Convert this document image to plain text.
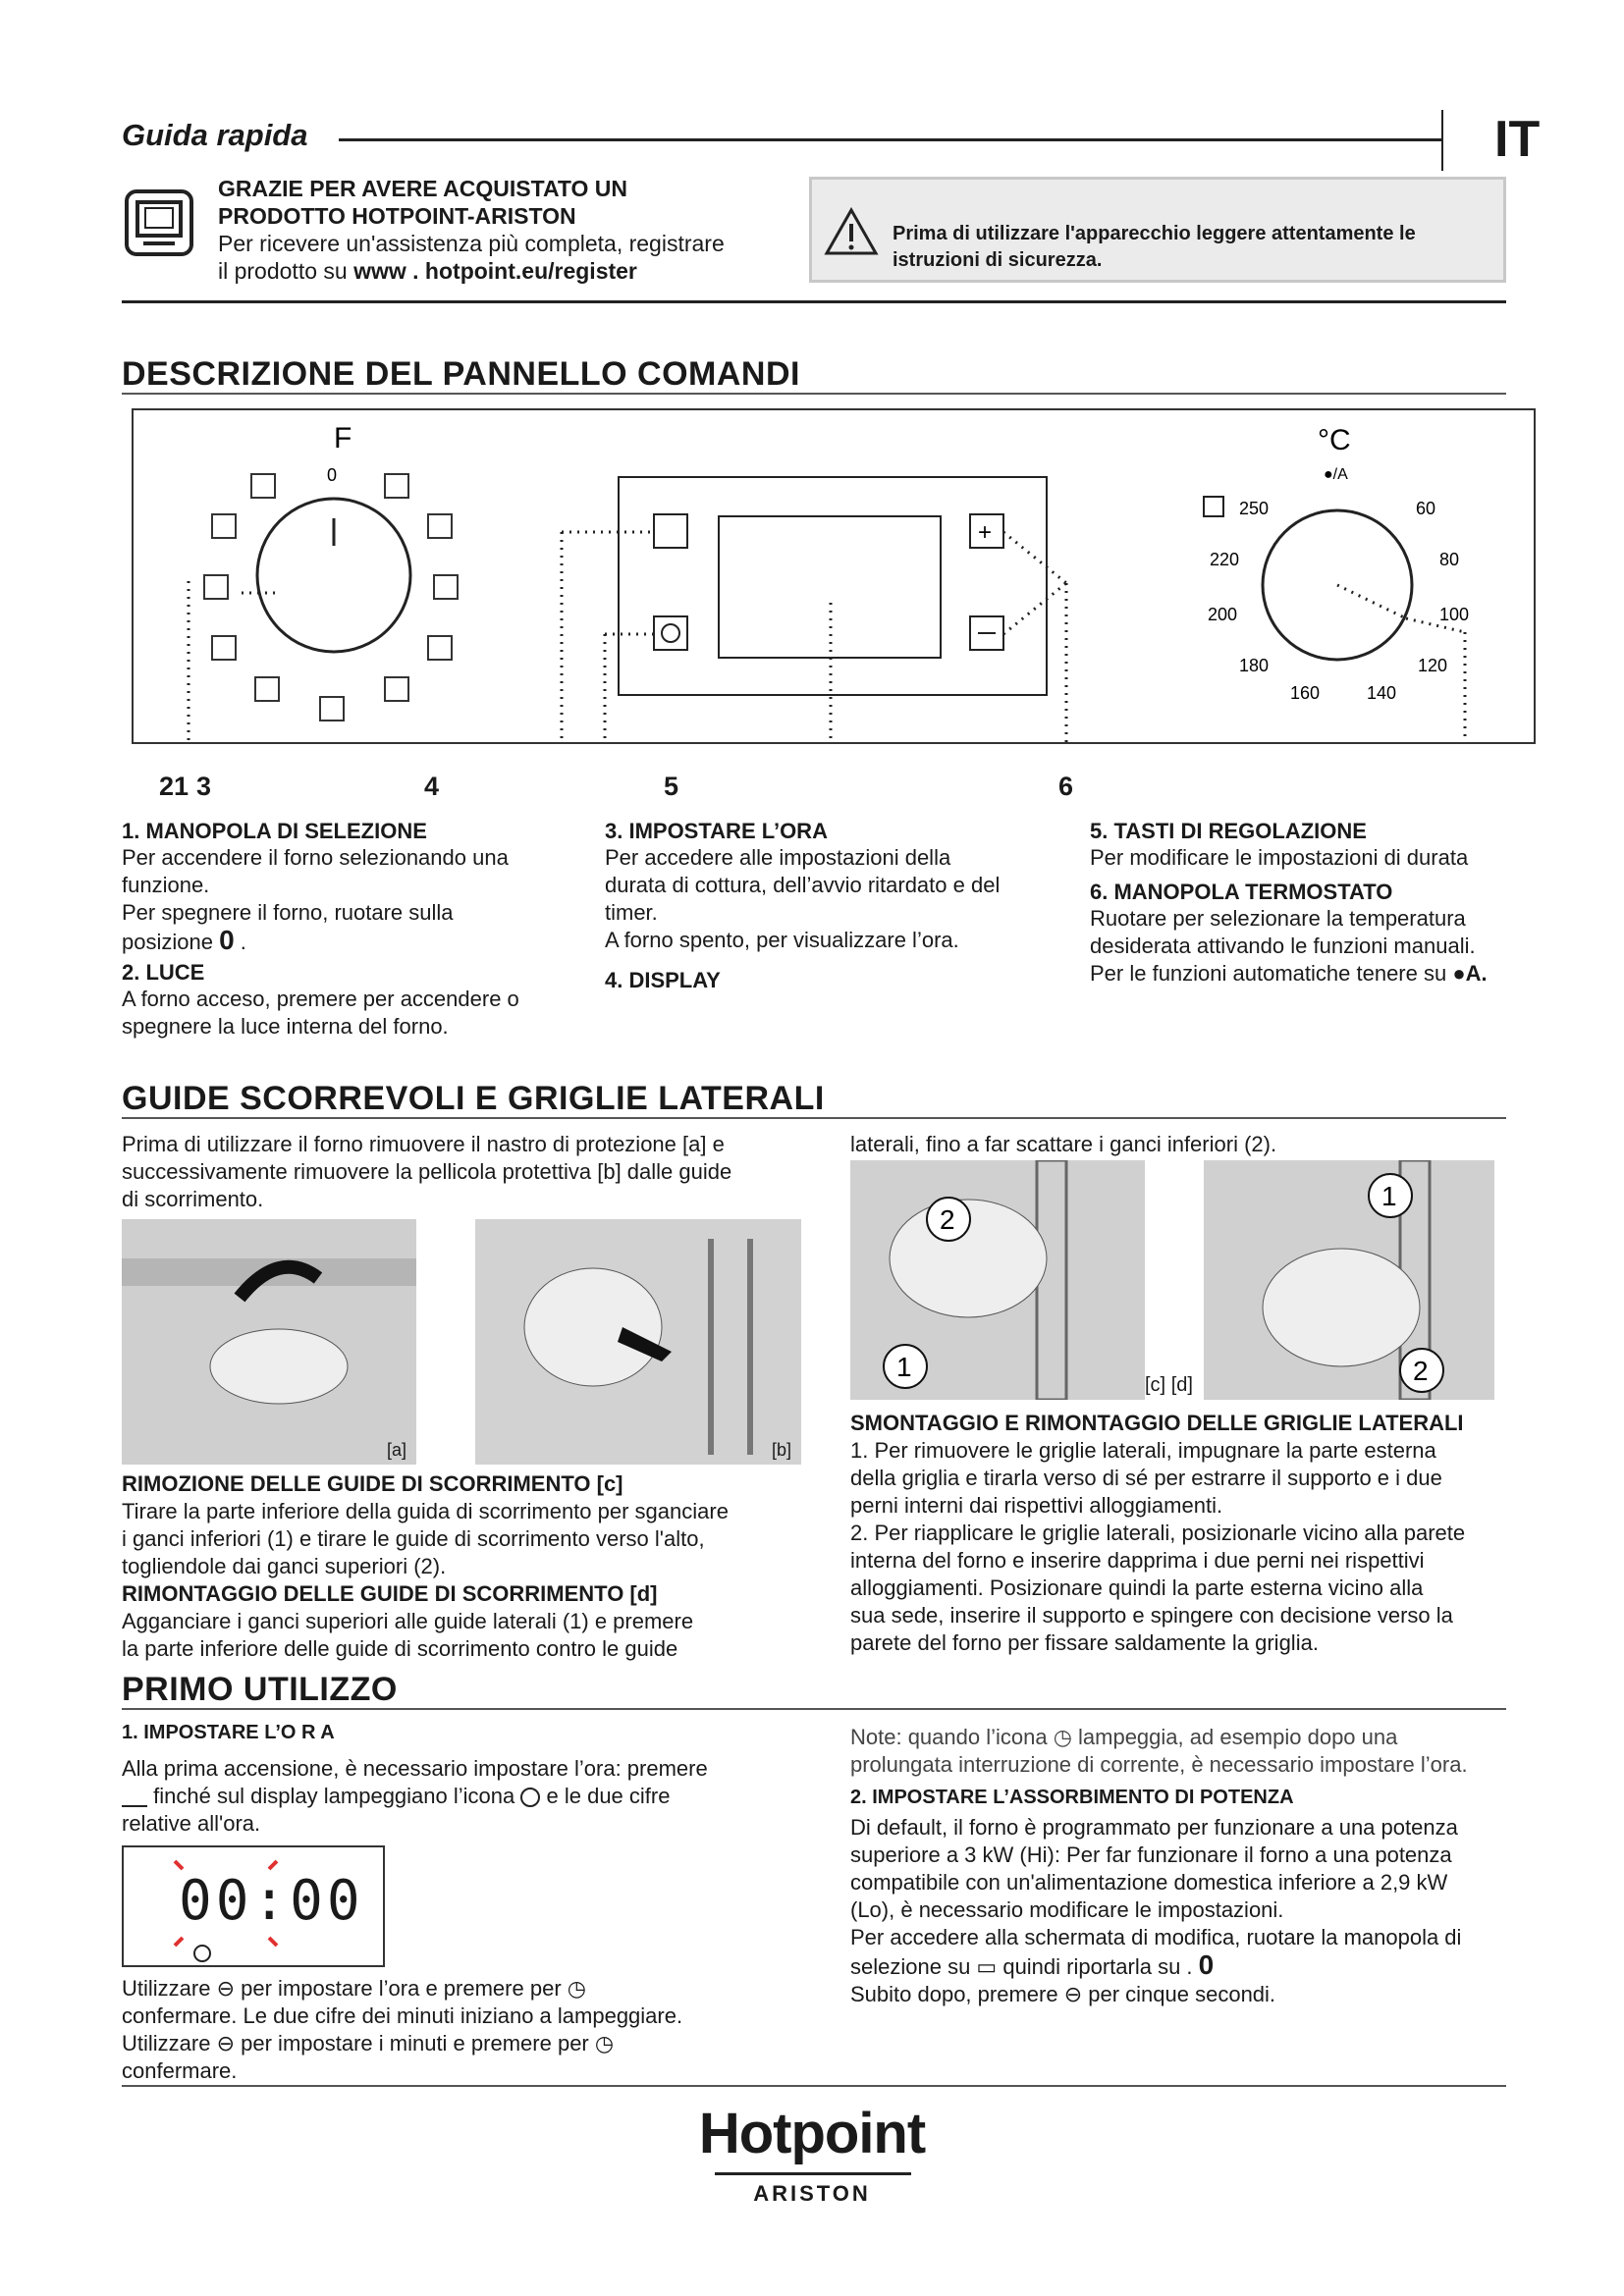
Guida rapida	IT
GRAZIE PER AVERE ACQUISTATO UN
PRODOTTO HOTPOINT-ARISTON
Per ricevere un'assistenza più completa, registrare
il prodotto su www . hotpoint.eu/register
Prima di utilizzare l'apparecchio leggere attentamente le
istruzioni di sicurezza.
DESCRIZIONE DEL PANNELLO COMANDI
F
0
+
°C
●/A
250
220
200
180
160	140
120
100
80
60
21 3	4	5	6
1. MANOPOLA DI SELEZIONE
Per accendere il forno selezionando una
funzione.
Per spegnere il forno, ruotare sulla
posizione 0 .
2. LUCE
A forno acceso, premere per accendere o
spegnere la luce interna del forno.
3. IMPOSTARE L’ORA
Per accedere alle impostazioni della
durata di cottura, dell’avvio ritardato e del
timer.
A forno spento, per visualizzare l’ora.
4. DISPLAY
5. TASTI DI REGOLAZIONE
Per modificare le impostazioni di durata
6. MANOPOLA TERMOSTATO
Ruotare per selezionare la temperatura
desiderata attivando le funzioni manuali.
Per le funzioni automatiche tenere su ●A.
GUIDE SCORREVOLI E GRIGLIE LATERALI
Prima di utilizzare il forno rimuovere il nastro di protezione [a] e
successivamente rimuovere la pellicola protettiva [b] dalle guide
di scorrimento.
laterali, fino a far scattare i ganci inferiori (2).
[a]	[b]
2
1
1
2
[c] [d]
RIMOZIONE DELLE GUIDE DI SCORRIMENTO [c]
Tirare la parte inferiore della guida di scorrimento per sganciare
i ganci inferiori (1) e tirare le guide di scorrimento verso l'alto,
togliendole dai ganci superiori (2).
RIMONTAGGIO DELLE GUIDE DI SCORRIMENTO [d]
Agganciare i ganci superiori alle guide laterali (1) e premere
la parte inferiore delle guide di scorrimento contro le guide
SMONTAGGIO E RIMONTAGGIO DELLE GRIGLIE LATERALI
1. Per rimuovere le griglie laterali, impugnare la parte esterna
della griglia e tirarla verso di sé per estrarre il supporto e i due
perni interni dai rispettivi alloggiamenti.
2. Per riapplicare le griglie laterali, posizionarle vicino alla parete
interna del forno e inserire dapprima i due perni nei rispettivi
alloggiamenti. Posizionare quindi la parte esterna vicino alla
sua sede, inserire il supporto e spingere con decisione verso la
parete del forno per fissare saldamente la griglia.
PRIMO UTILIZZO
1. IMPOSTARE L’O R A
Alla prima accensione, è necessario impostare l’ora: premere
finché sul display lampeggiano l’icona e le due cifre
relative all'ora.
00:00
Utilizzare ⊖ per impostare l’ora e premere per ◷
confermare. Le due cifre dei minuti iniziano a lampeggiare.
Utilizzare ⊖ per impostare i minuti e premere per ◷
confermare.
Note: quando l’icona ◷ lampeggia, ad esempio dopo una
prolungata interruzione di corrente, è necessario impostare l’ora.
2. IMPOSTARE L’ASSORBIMENTO DI POTENZA
Di default, il forno è programmato per funzionare a una potenza
superiore a 3 kW (Hi): Per far funzionare il forno a una potenza
compatibile con un'alimentazione domestica inferiore a 2,9 kW
(Lo), è necessario modificare le impostazioni.
Per accedere alla schermata di modifica, ruotare la manopola di
selezione su ▭ quindi riportarla su . 0
Subito dopo, premere ⊖ per cinque secondi.
Hotpoint
ARISTON
